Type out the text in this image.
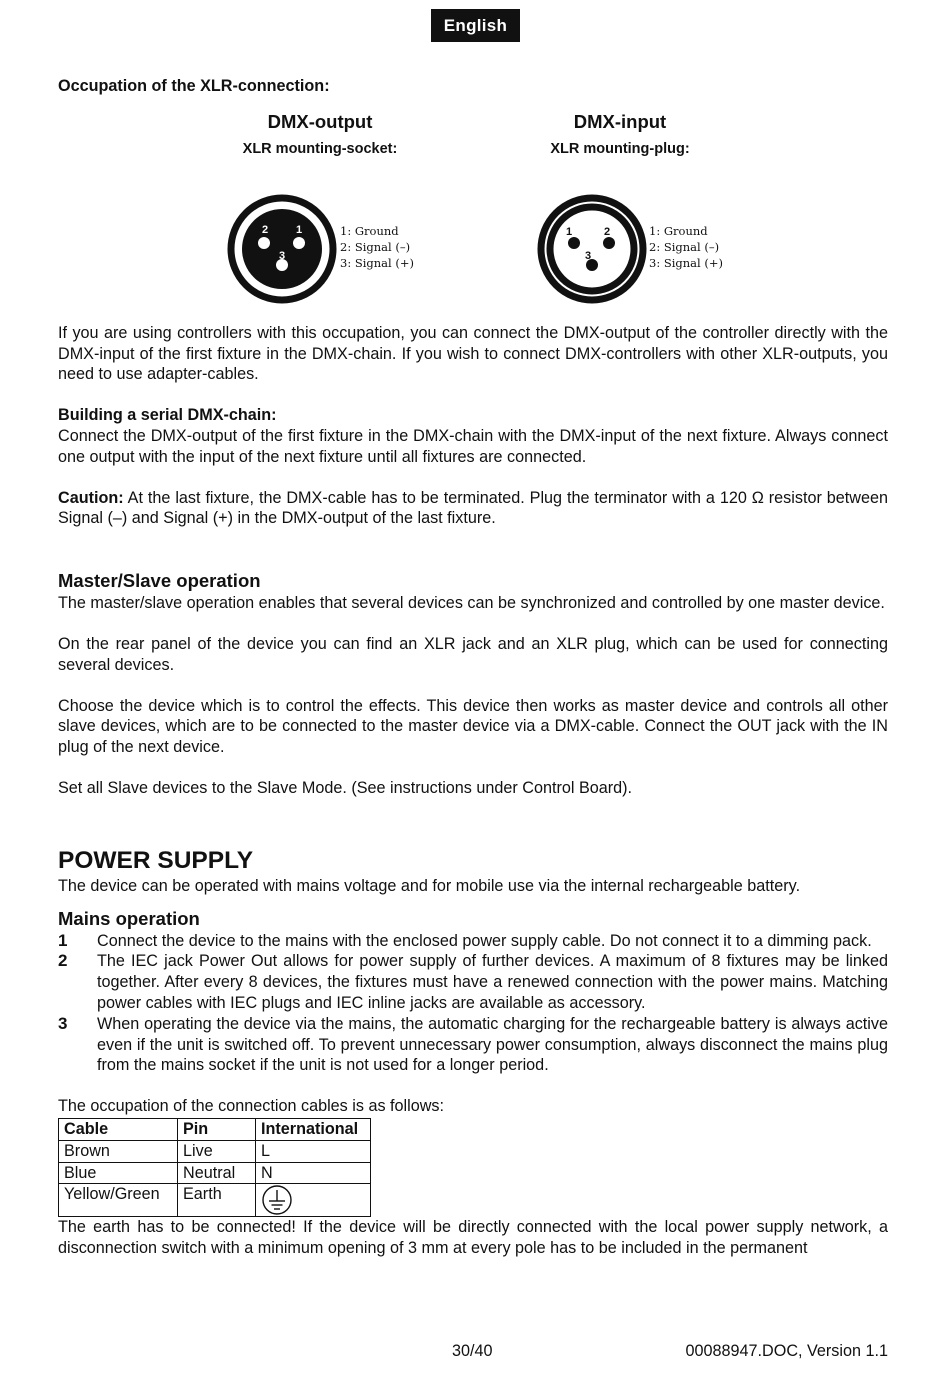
English

Occupation of the XLR-connection:

DMX-output
XLR mounting-socket:
2	1
3
1: Ground
2: Signal (–)
3: Signal (+)
DMX-input
XLR mounting-plug:
1	2
3
1: Ground
2: Signal (–)
3: Signal (+)

If you are using controllers with this occupation, you can connect the DMX-output of the controller directly with the DMX-input of the first fixture in the DMX-chain. If you wish to connect DMX-controllers with other XLR-outputs, you need to use adapter-cables.

Building a serial DMX-chain:

Connect the DMX-output of the first fixture in the DMX-chain with the DMX-input of the next fixture. Always connect one output with the input of the next fixture until all fixtures are connected.

Caution: At the last fixture, the DMX-cable has to be terminated. Plug the terminator with a 120 Ω resistor between Signal (–) and Signal (+) in the DMX-output of the last fixture.

Master/Slave operation

The master/slave operation enables that several devices can be synchronized and controlled by one master device.

On the rear panel of the device you can find an XLR jack and an XLR plug, which can be used for connecting several devices.

Choose the device which is to control the effects. This device then works as master device and controls all other slave devices, which are to be connected to the master device via a DMX-cable. Connect the OUT jack with the IN plug of the next device.

Set all Slave devices to the Slave Mode. (See instructions under Control Board).

POWER SUPPLY

The device can be operated with mains voltage and for mobile use via the internal rechargeable battery.

Mains operation

1	Connect the device to the mains with the enclosed power supply cable. Do not connect it to a dimming pack.
2	The IEC jack Power Out allows for power supply of further devices. A maximum of 8 fixtures may be linked together. After every 8 devices, the fixtures must have a renewed connection with the power mains. Matching power cables with IEC plugs and IEC inline jacks are available as accessory.
3	When operating the device via the mains, the automatic charging for the rechargeable battery is always active even if the unit is switched off. To prevent unnecessary power consumption, always disconnect the mains plug from the mains socket if the unit is not used for a longer period.

The occupation of the connection cables is as follows:

Cable	Pin	International
Brown	Live	L
Blue	Neutral	N
Yellow/Green	Earth	

The earth has to be connected! If the device will be directly connected with the local power supply network, a disconnection switch with a minimum opening of 3 mm at every pole has to be included in the permanent

30/40	00088947.DOC, Version 1.1
